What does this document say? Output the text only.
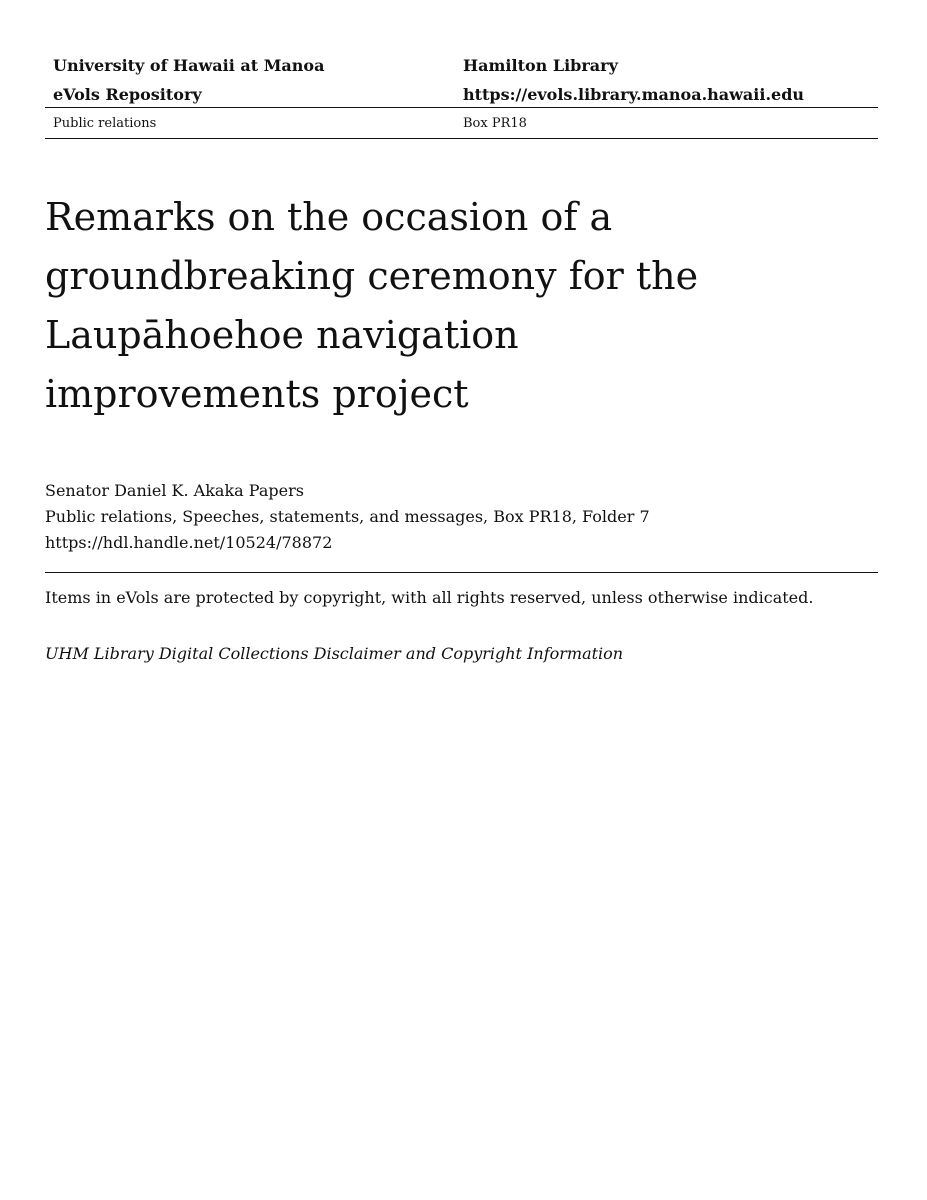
University of Hawaii at Manoa	Hamilton Library
eVols Repository	https://evols.library.manoa.hawaii.edu
Public relations	Box PR18
Remarks on the occasion of a groundbreaking ceremony for the Laupāhoehoe navigation improvements project
Senator Daniel K. Akaka Papers
Public relations, Speeches, statements, and messages, Box PR18, Folder 7
https://hdl.handle.net/10524/78872
Items in eVols are protected by copyright, with all rights reserved, unless otherwise indicated.
UHM Library Digital Collections Disclaimer and Copyright Information
